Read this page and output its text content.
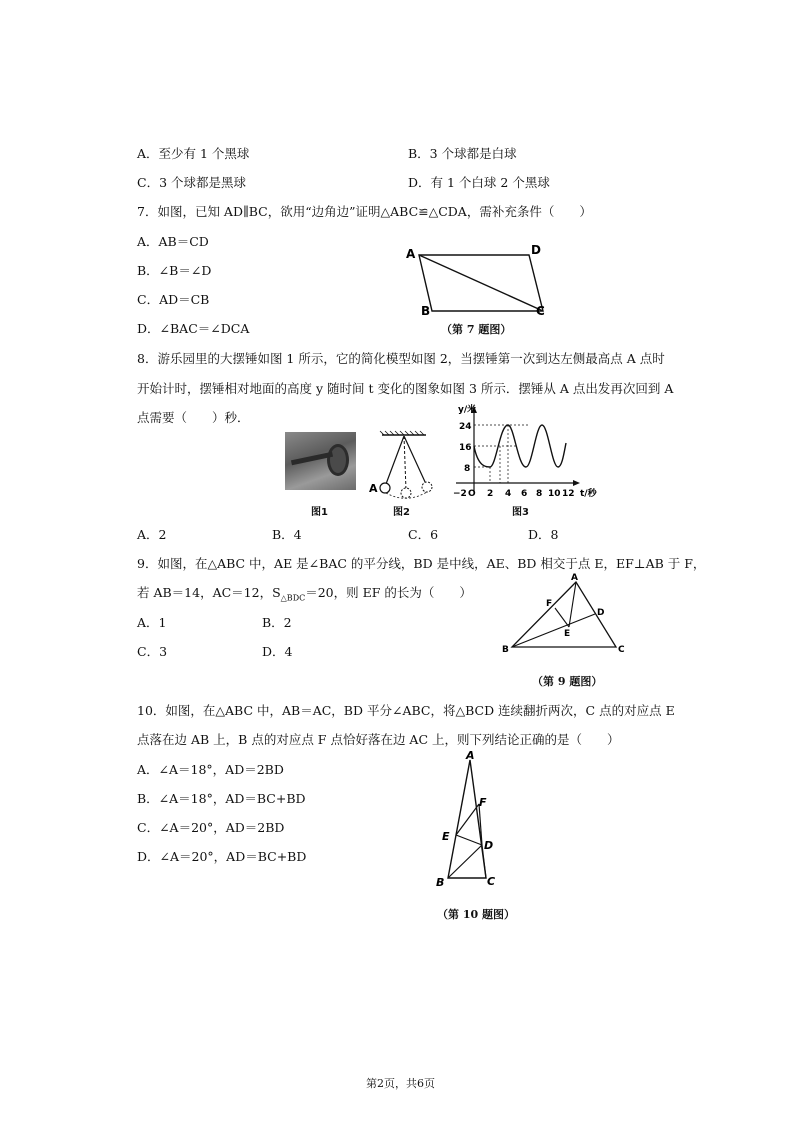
A．至少有 1 个黑球	B．3 个球都是白球
C．3 个球都是黑球	D．有 1 个白球 2 个黑球
7．如图，已知 AD∥BC，欲用“边角边”证明△ABC≌△CDA，需补充条件（　　）
A．AB＝CD
B．∠B＝∠D
C．AD＝CB
D．∠BAC＝∠DCA
A	D
B	C
（第 7 题图）
8．游乐园里的大摆锤如图 1 所示，它的简化模型如图 2，当摆锤第一次到达左侧最高点 A 点时
开始计时，摆锤相对地面的高度 y 随时间 t 变化的图象如图 3 所示．摆锤从 A 点出发再次回到 A
点需要（　　）秒．
图1
A
图2
y/米
24
16
8
−2 O 2 4 6 8 10 12 t/秒
图3
A．2	B．4	C．6	D．8
9．如图，在△ABC 中，AE 是∠BAC 的平分线，BD 是中线，AE、BD 相交于点 E，EF⊥AB 于 F，
若 AB＝14，AC＝12，$S_{\triangle BDC}=20$，则 EF 的长为（　　）
A．1	B．2
C．3	D．4
A
B	C
D
E
F
（第 9 题图）
10．如图，在△ABC 中，AB＝AC，BD 平分∠ABC，将△BCD 连续翻折两次，C 点的对应点 E
点落在边 AB 上，B 点的对应点 F 点恰好落在边 AC 上，则下列结论正确的是（　　）
A．∠A＝18°，AD＝2BD
B．∠A＝18°，AD＝BC+BD
C．∠A＝20°，AD＝2BD
D．∠A＝20°，AD＝BC+BD
A
B	C
D
E
F
（第 10 题图）
第2页，共6页
